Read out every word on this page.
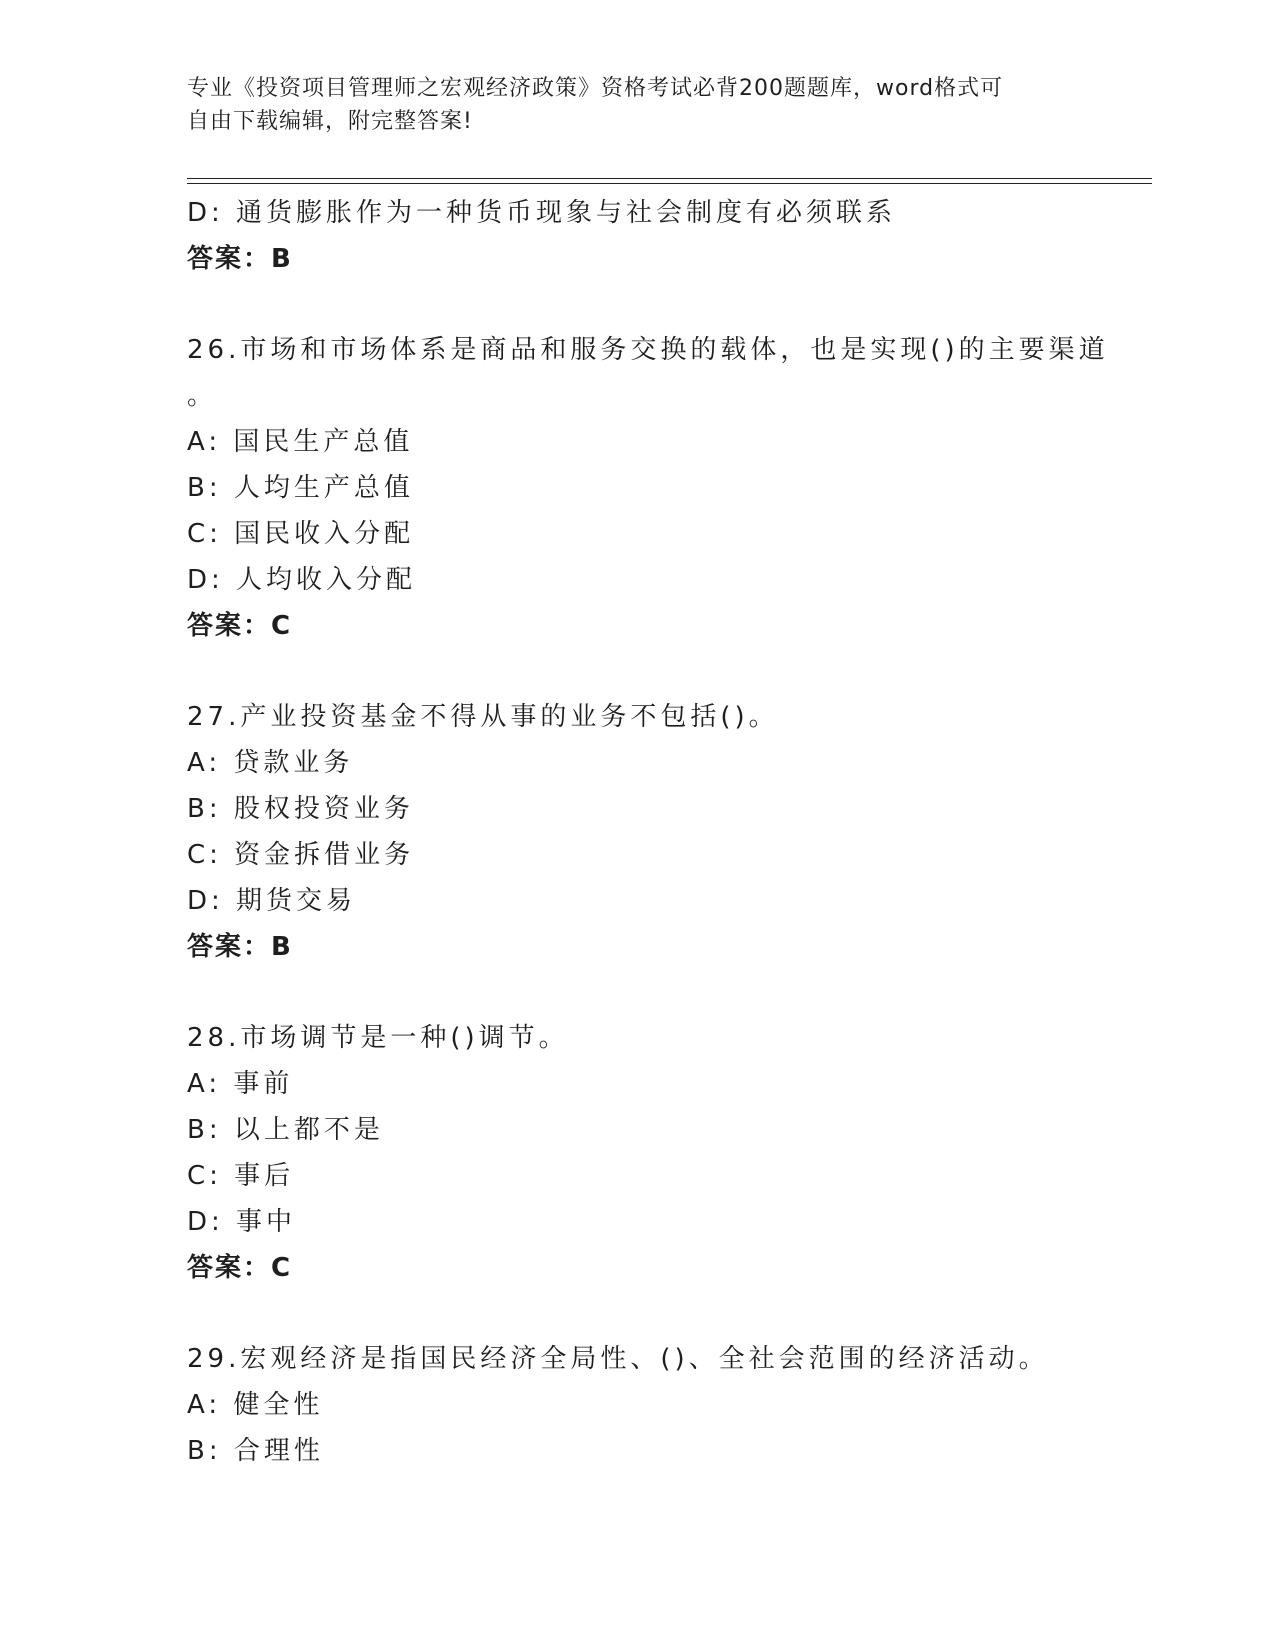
专业《投资项目管理师之宏观经济政策》资格考试必背200题题库，word格式可
自由下载编辑，附完整答案!
D: 通货膨胀作为一种货币现象与社会制度有必须联系
答案：B
26.市场和市场体系是商品和服务交换的载体，也是实现()的主要渠道
。
A: 国民生产总值
B: 人均生产总值
C: 国民收入分配
D: 人均收入分配
答案：C
27.产业投资基金不得从事的业务不包括()。
A: 贷款业务
B: 股权投资业务
C: 资金拆借业务
D: 期货交易
答案：B
28.市场调节是一种()调节。
A: 事前
B: 以上都不是
C: 事后
D: 事中
答案：C
29.宏观经济是指国民经济全局性、()、全社会范围的经济活动。
A: 健全性
B: 合理性
